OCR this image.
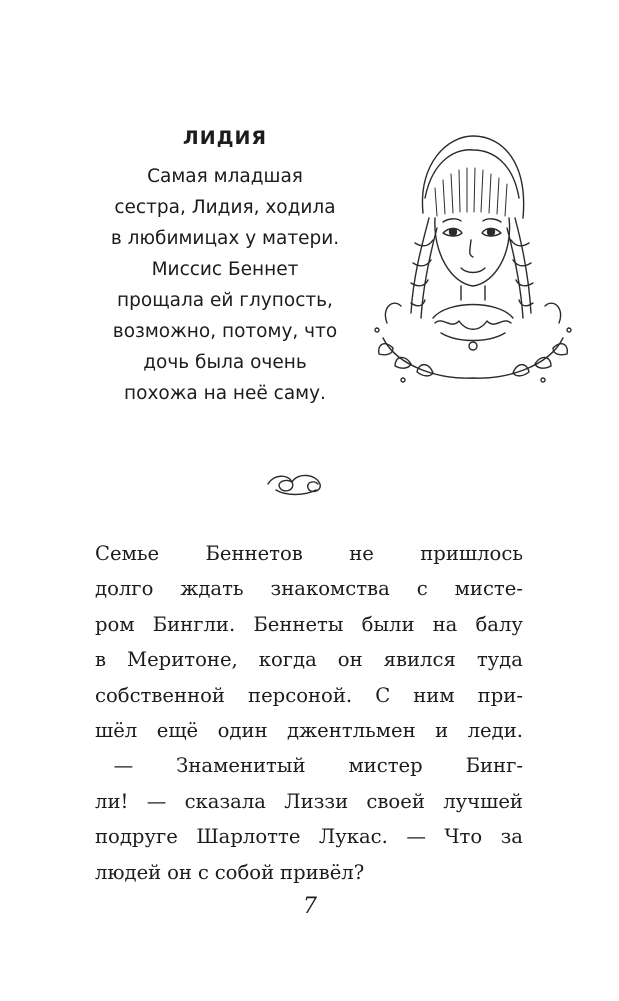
ЛИДИЯ
Самая младшая
сестра, Лидия, ходила
в любимицах у матери.
Миссис Беннет
прощала ей глупость,
возможно, потому, что
дочь была очень
похожа на неё саму.
Семье Беннетов не пришлось
долго ждать знакомства с мисте-
ром Бингли. Беннеты были на балу
в Меритоне, когда он явился туда
собственной персоной. С ним при-
шёл ещё один джентльмен и леди.
— Знаменитый мистер Бинг-
ли! — сказала Лиззи своей лучшей
подруге Шарлотте Лукас. — Что за
людей он с собой привёл?
7
